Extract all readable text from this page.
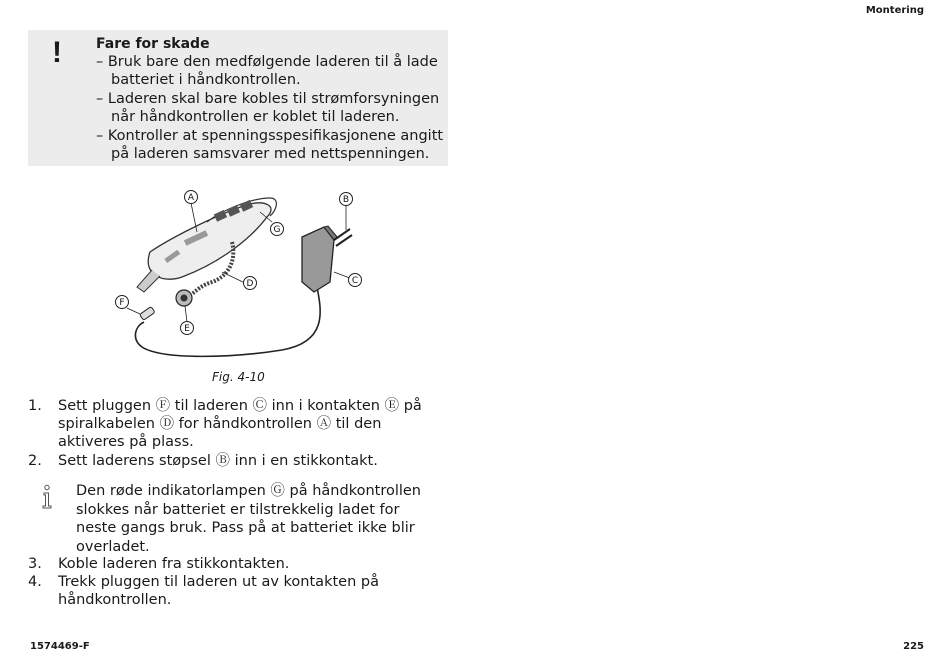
Montering
! Fare for skade
– Bruk bare den medfølgende laderen til å lade batteriet i håndkontrollen.
– Laderen skal bare kobles til strømforsyningen når håndkontrollen er koblet til laderen.
– Kontroller at spenningsspesifikasjonene angitt på laderen samsvarer med nettspenningen.
A	B
C
D
E
F
G
Fig. 4-10
1. Sett pluggen Ⓕ til laderen Ⓒ inn i kontakten Ⓔ på spiralkabelen Ⓓ for håndkontrollen Ⓐ til den aktiveres på plass.
2. Sett laderens støpsel Ⓑ inn i en stikkontakt.
Den røde indikatorlampen Ⓖ på håndkontrollen slokkes når batteriet er tilstrekkelig ladet for neste gangs bruk. Pass på at batteriet ikke blir overladet.
3. Koble laderen fra stikkontakten.
4. Trekk pluggen til laderen ut av kontakten på håndkontrollen.
1574469-F	225
